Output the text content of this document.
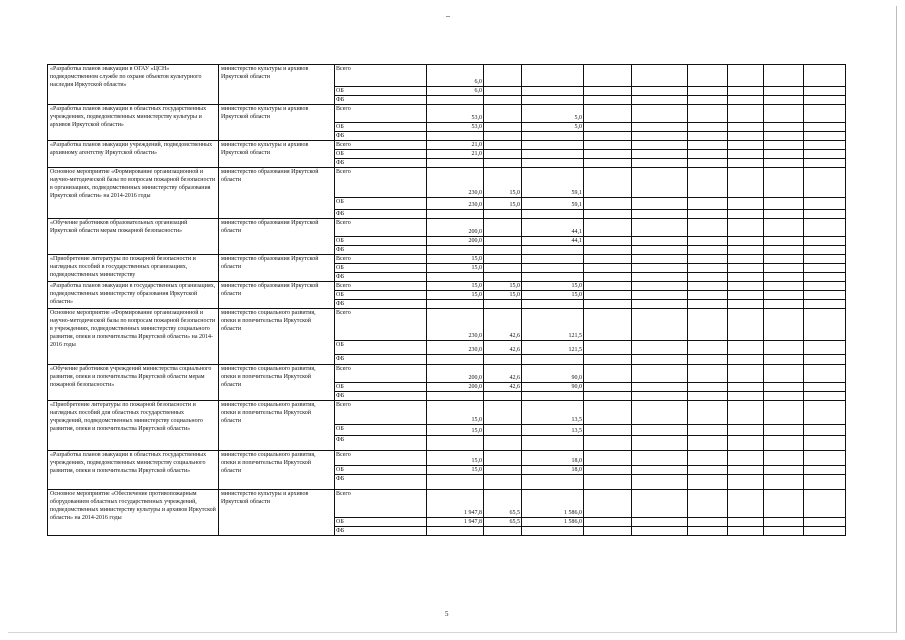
«Разработка планов эвакуации в ОГАУ «ЦСН» подведомственном службе по охране объектов культурного наследия Иркутской области»	министерство культуры и архивов Иркутской области	Всего	6,0								
		ОБ	6,0								
		ФБ									
«Разработка планов эвакуации в областных государственных учреждениях, подведомственных министерству культуры и архивов Иркутской области»	министерство культуры и архивов Иркутской области	Всего	53,0		5,0						
		ОБ	53,0		5,0						
		ФБ									
«Разработка планов эвакуации учреждений, подведомственных архивному агентству Иркутской области»	министерство культуры и архивов Иркутской области	Всего	21,0								
		ОБ	21,0								
		ФБ									
Основное мероприятие «Формирование организационной и научно-методической базы по вопросам пожарной безопасности в организациях, подведомственных министерству образования Иркутской области» на 2014-2016 годы	министерство образования Иркутской области	Всего	230,0	15,0	59,1						
		ОБ	230,0	15,0	59,1						
		ФБ									
«Обучение работников образовательных организаций Иркутской области мерам пожарной безопасности»	министерство образования Иркутской области	Всего	200,0		44,1						
		ОБ	200,0		44,1						
		ФБ									
«Приобретение литературы по пожарной безопасности и наглядных пособий в государственных организациях, подведомственных министерству	министерство образования Иркутской области	Всего	15,0								
		ОБ	15,0								
		ФБ									
«Разработка планов эвакуации в государственных организациях, подведомственных министерству образования Иркутской области»	министерство образования Иркутской области	Всего	15,0	15,0	15,0						
		ОБ	15,0	15,0	15,0						
		ФБ									
Основное мероприятие «Формирование организационной и научно-методической базы по вопросам пожарной безопасности в учреждениях, подведомственных министерству социального развития, опеки и попечительства Иркутской области» на 2014-2016 годы	министерство социального развития, опеки и попечительства Иркутской области	Всего	230,0	42,6	121,5						
		ОБ	230,0	42,6	121,5						
		ФБ									
«Обучение работников учреждений министерства социального развития, опеки и попечительства Иркутской области мерам пожарной безопасности»	министерство социального развития, опеки и попечительства Иркутской области	Всего	200,0	42,6	90,0						
		ОБ	200,0	42,6	90,0						
		ФБ									
«Приобретение литературы по пожарной безопасности и наглядных пособий для областных государственных учреждений, подведомственных министерству социального развития, опеки и попечительства Иркутской области»	министерство социального развития, опеки и попечительства Иркутской области	Всего	15,0		13,5						
		ОБ	15,0		13,5						
		ФБ									
«Разработка планов эвакуации в областных государственных учреждениях, подведомственных министерству социального развития, опеки и попечительства Иркутской области»	министерство социального развития, опеки и попечительства Иркутской области	Всего	15,0		18,0						
		ОБ	15,0		18,0						
		ФБ									
Основное мероприятие «Обеспечение противопожарным оборудованием областных государственных учреждений, подведомственных министерству культуры и архивов Иркутской области» на 2014-2016 годы	министерство культуры и архивов Иркутской области	Всего	1 947,8	65,5	1 586,0						
		ОБ	1 947,8	65,5	1 586,0						
		ФБ									
5
